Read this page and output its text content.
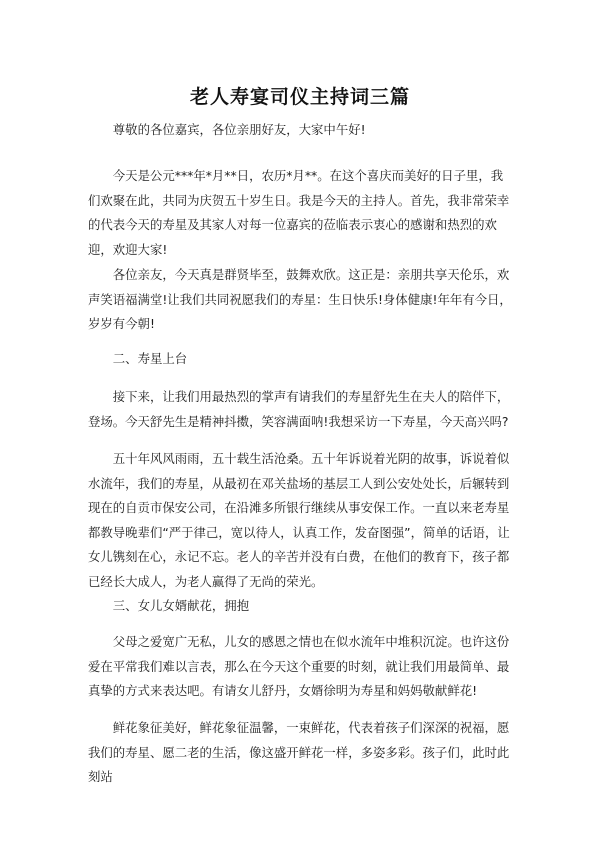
老人寿宴司仪主持词三篇

尊敬的各位嘉宾，各位亲朋好友，大家中午好!

今天是公元***年*月**日，农历*月**。在这个喜庆而美好的日子里，我们欢聚在此，共同为庆贺五十岁生日。我是今天的主持人。首先，我非常荣幸的代表今天的寿星及其家人对每一位嘉宾的莅临表示衷心的感谢和热烈的欢迎，欢迎大家!

各位亲友，今天真是群贤毕至，鼓舞欢欣。这正是：亲朋共享天伦乐，欢声笑语福满堂!让我们共同祝愿我们的寿星：生日快乐!身体健康!年年有今日，岁岁有今朝!

二、寿星上台

接下来，让我们用最热烈的掌声有请我们的寿星舒先生在夫人的陪伴下，登场。今天舒先生是精神抖擞，笑容满面呐!我想采访一下寿星，今天高兴吗?

五十年风风雨雨，五十载生活沧桑。五十年诉说着光阴的故事，诉说着似水流年，我们的寿星，从最初在邓关盐场的基层工人到公安处处长，后辗转到现在的自贡市保安公司，在沿滩多所银行继续从事安保工作。一直以来老寿星都教导晚辈们“严于律己，宽以待人，认真工作，发奋图强”，简单的话语，让女儿镌刻在心，永记不忘。老人的辛苦并没有白费，在他们的教育下，孩子都已经长大成人，为老人赢得了无尚的荣光。

三、女儿女婿献花，拥抱

父母之爱宽广无私，儿女的感恩之情也在似水流年中堆积沉淀。也许这份爱在平常我们难以言表，那么在今天这个重要的时刻，就让我们用最简单、最真挚的方式来表达吧。有请女儿舒丹，女婿徐明为寿星和妈妈敬献鲜花!

鲜花象征美好，鲜花象征温馨，一束鲜花，代表着孩子们深深的祝福，愿我们的寿星、愿二老的生活，像这盛开鲜花一样，多姿多彩。孩子们，此时此刻站
